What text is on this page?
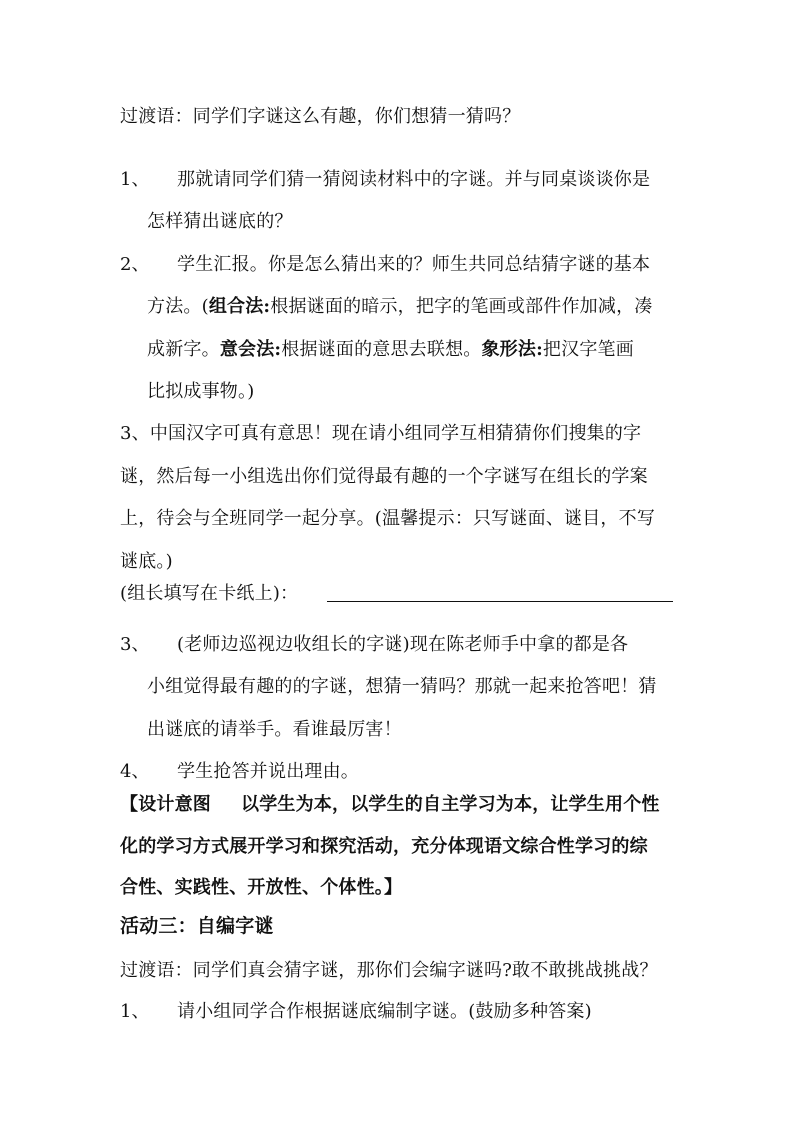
过渡语：同学们字谜这么有趣，你们想猜一猜吗？
1、 那就请同学们猜一猜阅读材料中的字谜。并与同桌谈谈你是
怎样猜出谜底的？
2、 学生汇报。你是怎么猜出来的？师生共同总结猜字谜的基本
方法。(组合法:根据谜面的暗示，把字的笔画或部件作加减，凑
成新字。意会法:根据谜面的意思去联想。象形法:把汉字笔画
比拟成事物。)
3、中国汉字可真有意思！现在请小组同学互相猜猜你们搜集的字
谜，然后每一小组选出你们觉得最有趣的一个字谜写在组长的学案
上，待会与全班同学一起分享。(温馨提示：只写谜面、谜目，不写
谜底。)
(组长填写在卡纸上)：
3、 (老师边巡视边收组长的字谜)现在陈老师手中拿的都是各
小组觉得最有趣的的字谜，想猜一猜吗？那就一起来抢答吧！猜
出谜底的请举手。看谁最厉害！
4、 学生抢答并说出理由。
【设计意图 以学生为本，以学生的自主学习为本，让学生用个性
化的学习方式展开学习和探究活动，充分体现语文综合性学习的综
合性、实践性、开放性、个体性。】
活动三：自编字谜
过渡语：同学们真会猜字谜，那你们会编字谜吗?敢不敢挑战挑战？
1、 请小组同学合作根据谜底编制字谜。(鼓励多种答案)
